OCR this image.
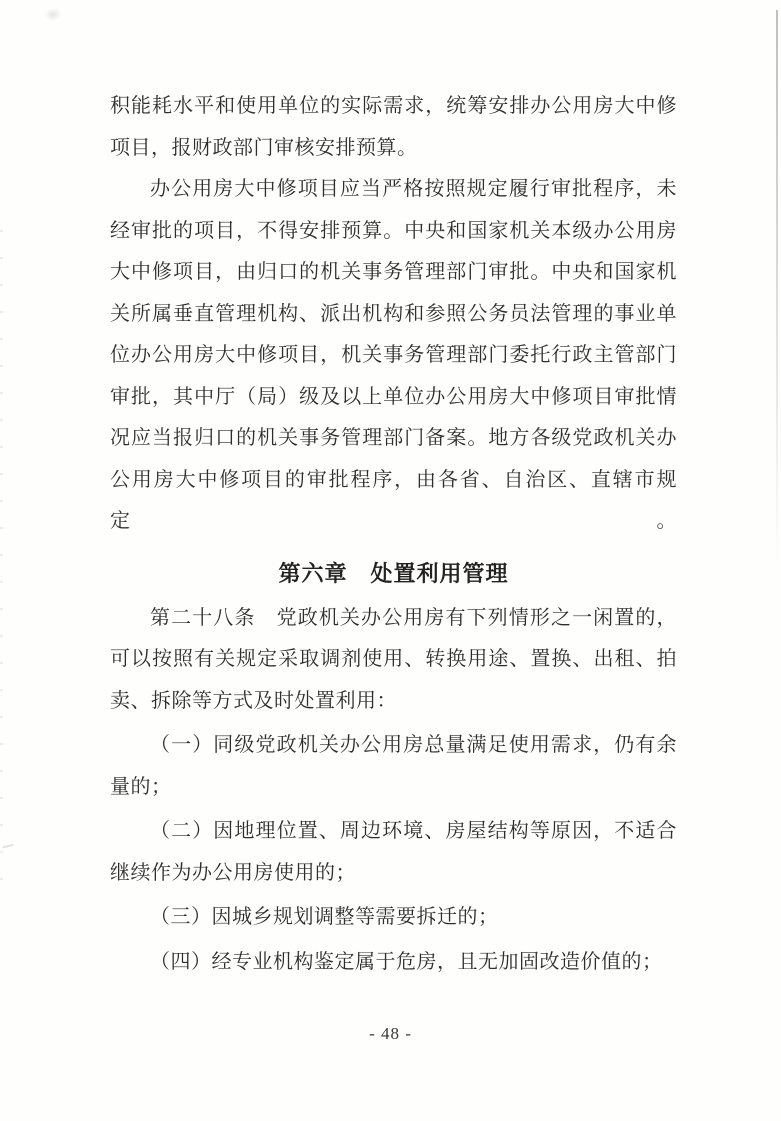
积能耗水平和使用单位的实际需求，统筹安排办公用房大中修
项目，报财政部门审核安排预算。
办公用房大中修项目应当严格按照规定履行审批程序，未
经审批的项目，不得安排预算。中央和国家机关本级办公用房
大中修项目，由归口的机关事务管理部门审批。中央和国家机
关所属垂直管理机构、派出机构和参照公务员法管理的事业单
位办公用房大中修项目，机关事务管理部门委托行政主管部门
审批，其中厅（局）级及以上单位办公用房大中修项目审批情
况应当报归口的机关事务管理部门备案。地方各级党政机关办
公用房大中修项目的审批程序，由各省、自治区、直辖市规定。
第六章　处置利用管理
第二十八条　党政机关办公用房有下列情形之一闲置的，
可以按照有关规定采取调剂使用、转换用途、置换、出租、拍
卖、拆除等方式及时处置利用：
（一）同级党政机关办公用房总量满足使用需求，仍有余
量的；
（二）因地理位置、周边环境、房屋结构等原因，不适合
继续作为办公用房使用的；
（三）因城乡规划调整等需要拆迁的；
（四）经专业机构鉴定属于危房，且无加固改造价值的；
- 48 -
